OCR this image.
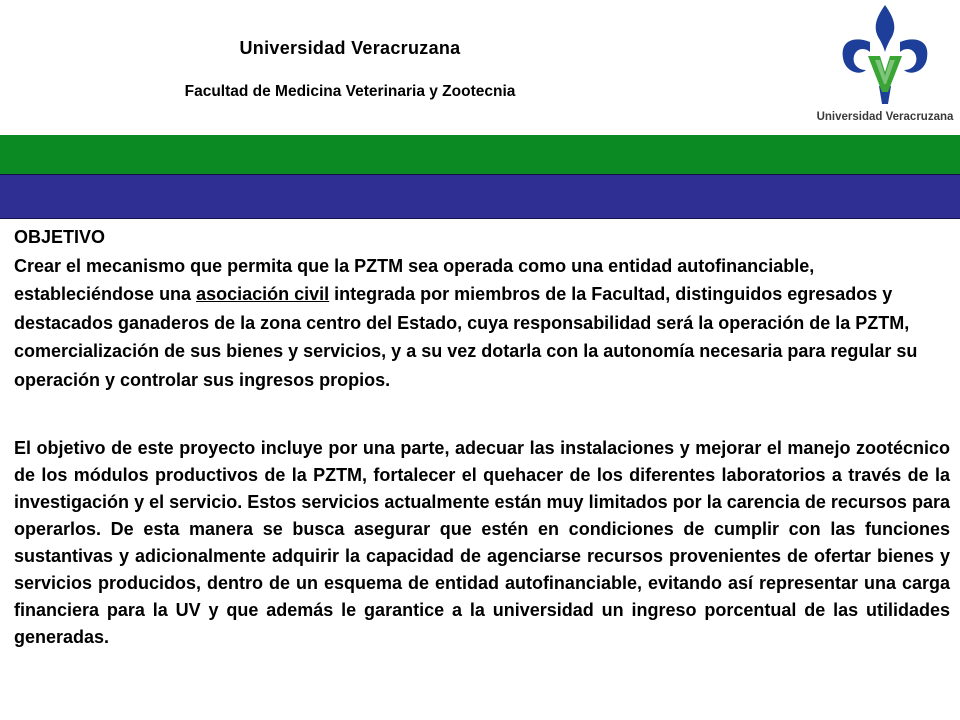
Universidad Veracruzana
Facultad de Medicina Veterinaria y Zootecnia
Universidad Veracruzana
OBJETIVO
Crear el mecanismo que permita que la PZTM sea operada como una entidad autofinanciable, estableciéndose una asociación civil integrada por miembros de la Facultad, distinguidos egresados y destacados ganaderos de la zona centro del Estado, cuya responsabilidad será la operación de la PZTM, comercialización de sus bienes y servicios, y a su vez dotarla con la autonomía necesaria para regular su operación y controlar sus ingresos propios.
El objetivo de este proyecto incluye por una parte, adecuar las instalaciones y mejorar el manejo zootécnico de los módulos productivos de la PZTM, fortalecer el quehacer de los diferentes laboratorios a través de la investigación y el servicio. Estos servicios actualmente están muy limitados por la carencia de recursos para operarlos. De esta manera se busca asegurar que estén en condiciones de cumplir con las funciones sustantivas y adicionalmente adquirir la capacidad de agenciarse recursos provenientes de ofertar bienes y servicios producidos, dentro de un esquema de entidad autofinanciable, evitando así representar una carga financiera para la UV y que además le garantice a la universidad un ingreso porcentual de las utilidades generadas.
